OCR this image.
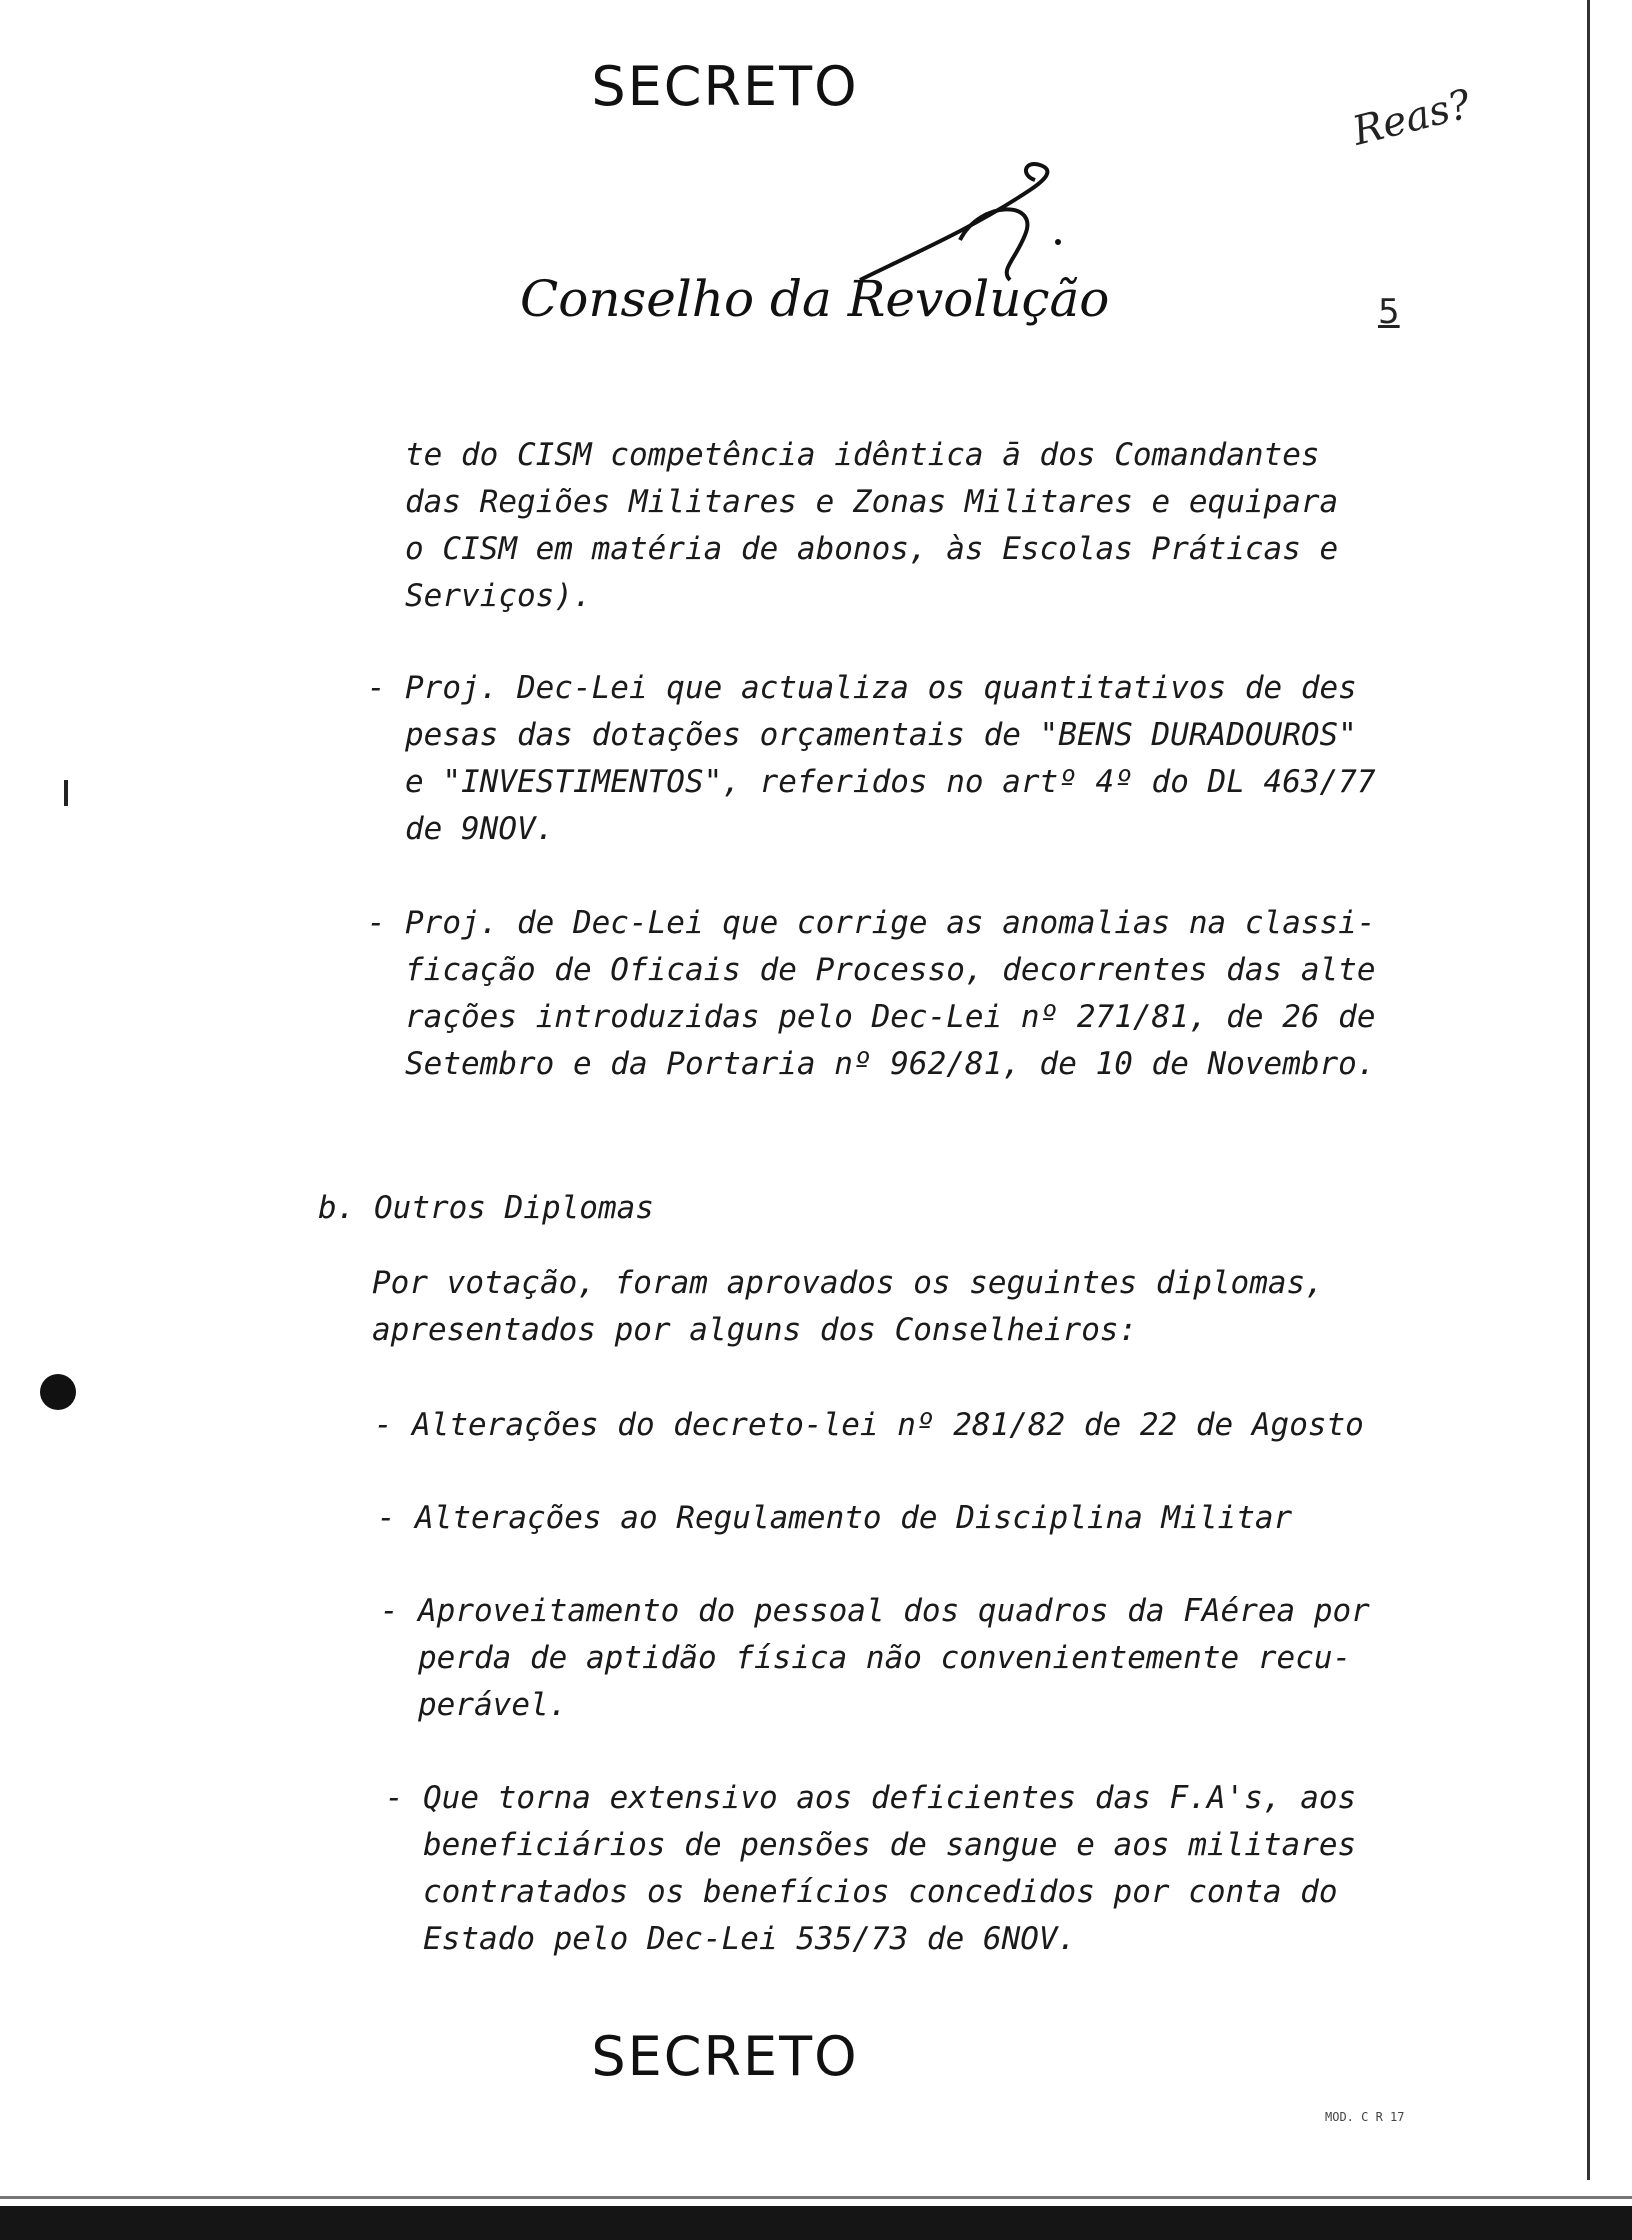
SECRETO	Reas?
Conselho da Revolução	5

te do CISM competência idêntica ā dos Comandantes

das Regiões Militares e Zonas Militares e equipara

o CISM em matéria de abonos, às Escolas Práticas e

Serviços).

- Proj. Dec-Lei que actualiza os quantitativos de des

pesas das dotações orçamentais de "BENS DURADOUROS"

e "INVESTIMENTOS", referidos no artº 4º do DL 463/77

de 9NOV.

- Proj. de Dec-Lei que corrige as anomalias na classi-

ficação de Oficais de Processo, decorrentes das alte

rações introduzidas pelo Dec-Lei nº 271/81, de 26 de

Setembro e da Portaria nº 962/81, de 10 de Novembro.

b. Outros Diplomas

Por votação, foram aprovados os seguintes diplomas,

apresentados por alguns dos Conselheiros:

- Alterações do decreto-lei nº 281/82 de 22 de Agosto

- Alterações ao Regulamento de Disciplina Militar

- Aproveitamento do pessoal dos quadros da FAérea por

perda de aptidão física não convenientemente recu-

perável.

- Que torna extensivo aos deficientes das F.A's, aos

beneficiários de pensões de sangue e aos militares

contratados os benefícios concedidos por conta do

Estado pelo Dec-Lei 535/73 de 6NOV.

SECRETO
MOD. C R 17
